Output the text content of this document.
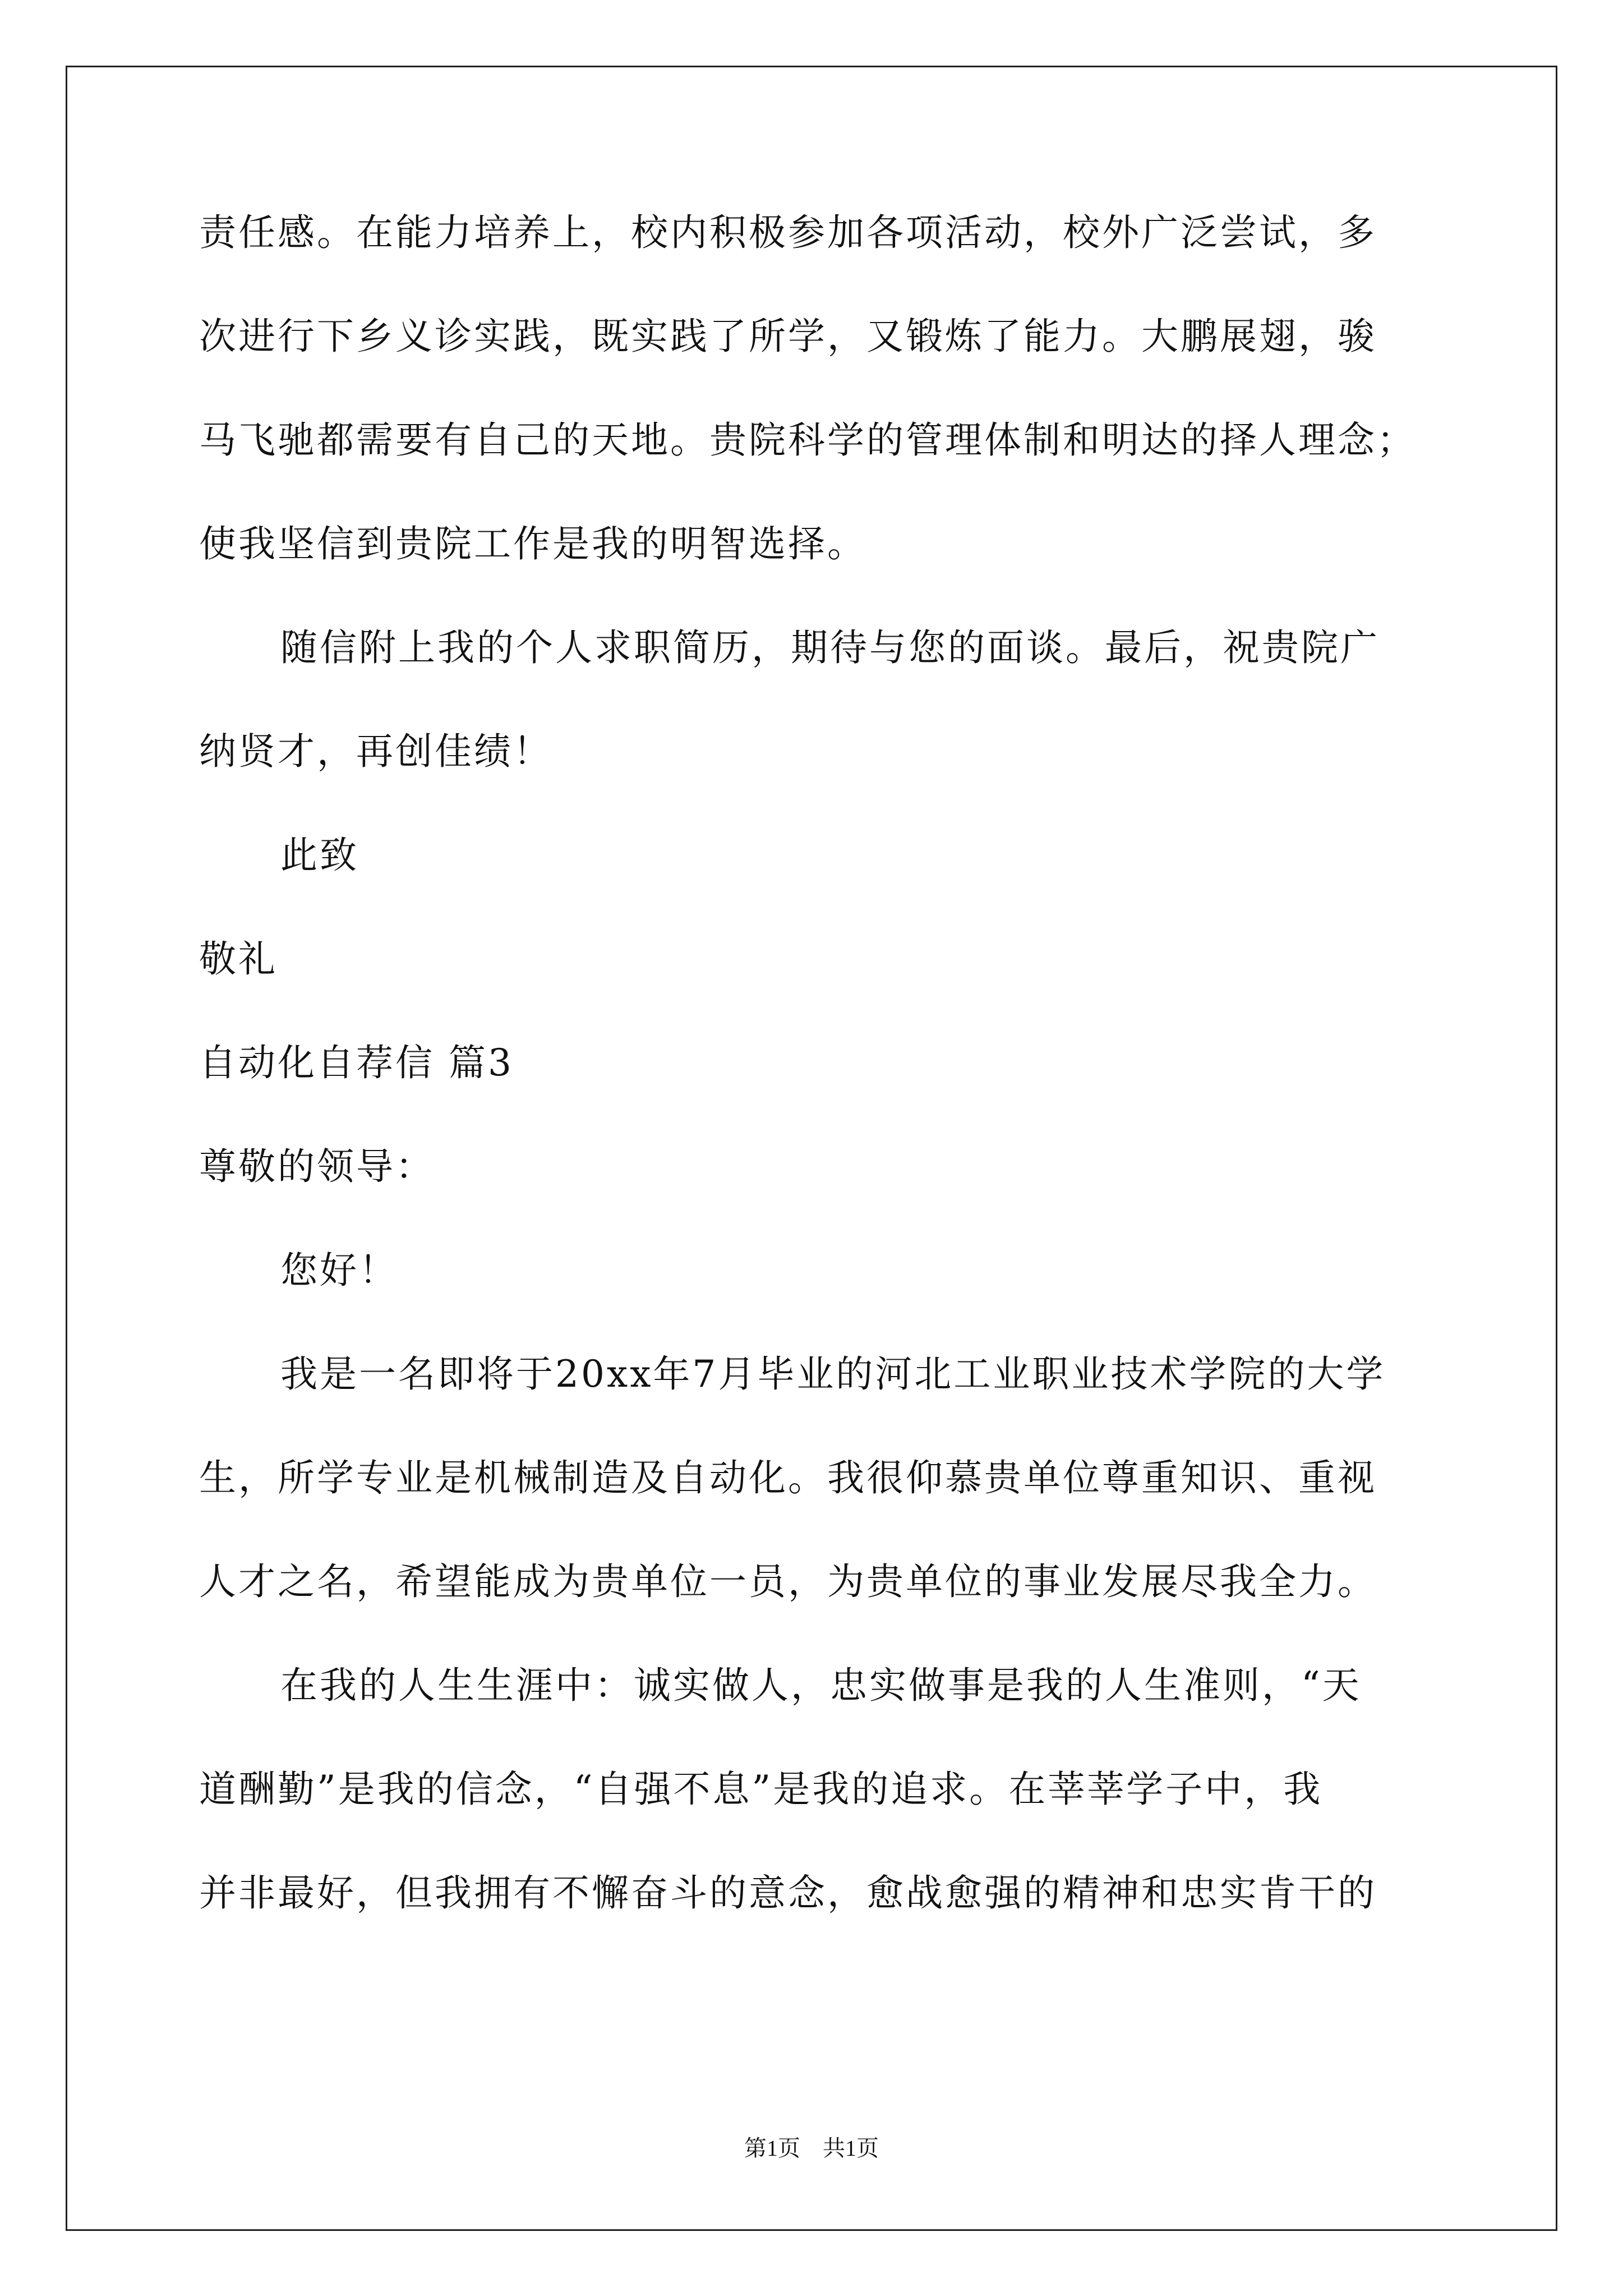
责任感。在能力培养上，校内积极参加各项活动，校外广泛尝试，多
次进行下乡义诊实践，既实践了所学，又锻炼了能力。大鹏展翅，骏
马飞驰都需要有自己的天地。贵院科学的管理体制和明达的择人理念；
使我坚信到贵院工作是我的明智选择。
随信附上我的个人求职简历，期待与您的面谈。最后，祝贵院广
纳贤才，再创佳绩！
此致
敬礼
自动化自荐信 篇3
尊敬的领导：
您好！
我是一名即将于20xx年7月毕业的河北工业职业技术学院的大学
生，所学专业是机械制造及自动化。我很仰慕贵单位尊重知识、重视
人才之名，希望能成为贵单位一员，为贵单位的事业发展尽我全力。
在我的人生生涯中：诚实做人，忠实做事是我的人生准则，“天
道酬勤”是我的信念，“自强不息”是我的追求。在莘莘学子中，我
并非最好，但我拥有不懈奋斗的意念，愈战愈强的精神和忠实肯干的
第1页　共1页
